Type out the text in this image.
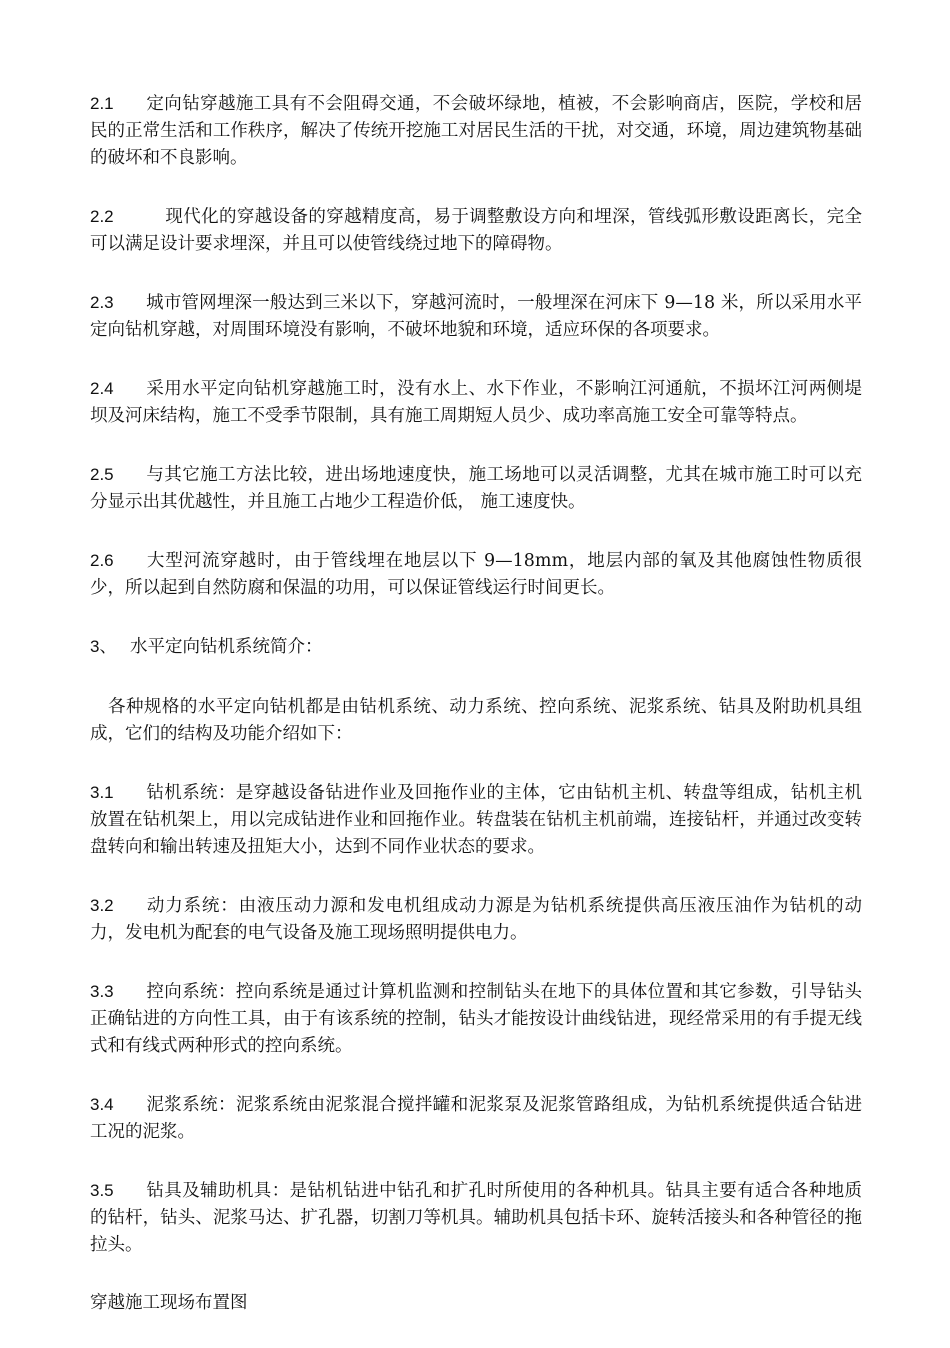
2.1 定向钻穿越施工具有不会阻碍交通，不会破坏绿地，植被，不会影响商店，医院，学校和居民的正常生活和工作秩序，解决了传统开挖施工对居民生活的干扰，对交通，环境，周边建筑物基础的破坏和不良影响。

2.2	现代化的穿越设备的穿越精度高，易于调整敷设方向和埋深，管线弧形敷设距离长，完全可以满足设计要求埋深，并且可以使管线绕过地下的障碍物。

2.3 城市管网埋深一般达到三米以下，穿越河流时，一般埋深在河床下 9—18 米，所以采用水平定向钻机穿越，对周围环境没有影响，不破坏地貌和环境，适应环保的各项要求。

2.4 采用水平定向钻机穿越施工时，没有水上、水下作业，不影响江河通航，不损坏江河两侧堤坝及河床结构，施工不受季节限制，具有施工周期短人员少、成功率高施工安全可靠等特点。

2.5 与其它施工方法比较，进出场地速度快，施工场地可以灵活调整，尤其在城市施工时可以充分显示出其优越性，并且施工占地少工程造价低， 施工速度快。

2.6 大型河流穿越时，由于管线埋在地层以下 9—18mm，地层内部的氧及其他腐蚀性物质很少，所以起到自然防腐和保温的功用，可以保证管线运行时间更长。

3、 水平定向钻机系统简介：

各种规格的水平定向钻机都是由钻机系统、动力系统、控向系统、泥浆系统、钻具及附助机具组成，它们的结构及功能介绍如下：

3.1 钻机系统：是穿越设备钻进作业及回拖作业的主体，它由钻机主机、转盘等组成，钻机主机放置在钻机架上，用以完成钻进作业和回拖作业。转盘装在钻机主机前端，连接钻杆，并通过改变转盘转向和输出转速及扭矩大小，达到不同作业状态的要求。

3.2 动力系统：由液压动力源和发电机组成动力源是为钻机系统提供高压液压油作为钻机的动力，发电机为配套的电气设备及施工现场照明提供电力。

3.3 控向系统：控向系统是通过计算机监测和控制钻头在地下的具体位置和其它参数，引导钻头正确钻进的方向性工具，由于有该系统的控制，钻头才能按设计曲线钻进，现经常采用的有手提无线式和有线式两种形式的控向系统。

3.4 泥浆系统：泥浆系统由泥浆混合搅拌罐和泥浆泵及泥浆管路组成，为钻机系统提供适合钻进工况的泥浆。

3.5 钻具及辅助机具：是钻机钻进中钻孔和扩孔时所使用的各种机具。钻具主要有适合各种地质的钻杆，钻头、泥浆马达、扩孔器，切割刀等机具。辅助机具包括卡环、旋转活接头和各种管径的拖拉头。

穿越施工现场布置图
